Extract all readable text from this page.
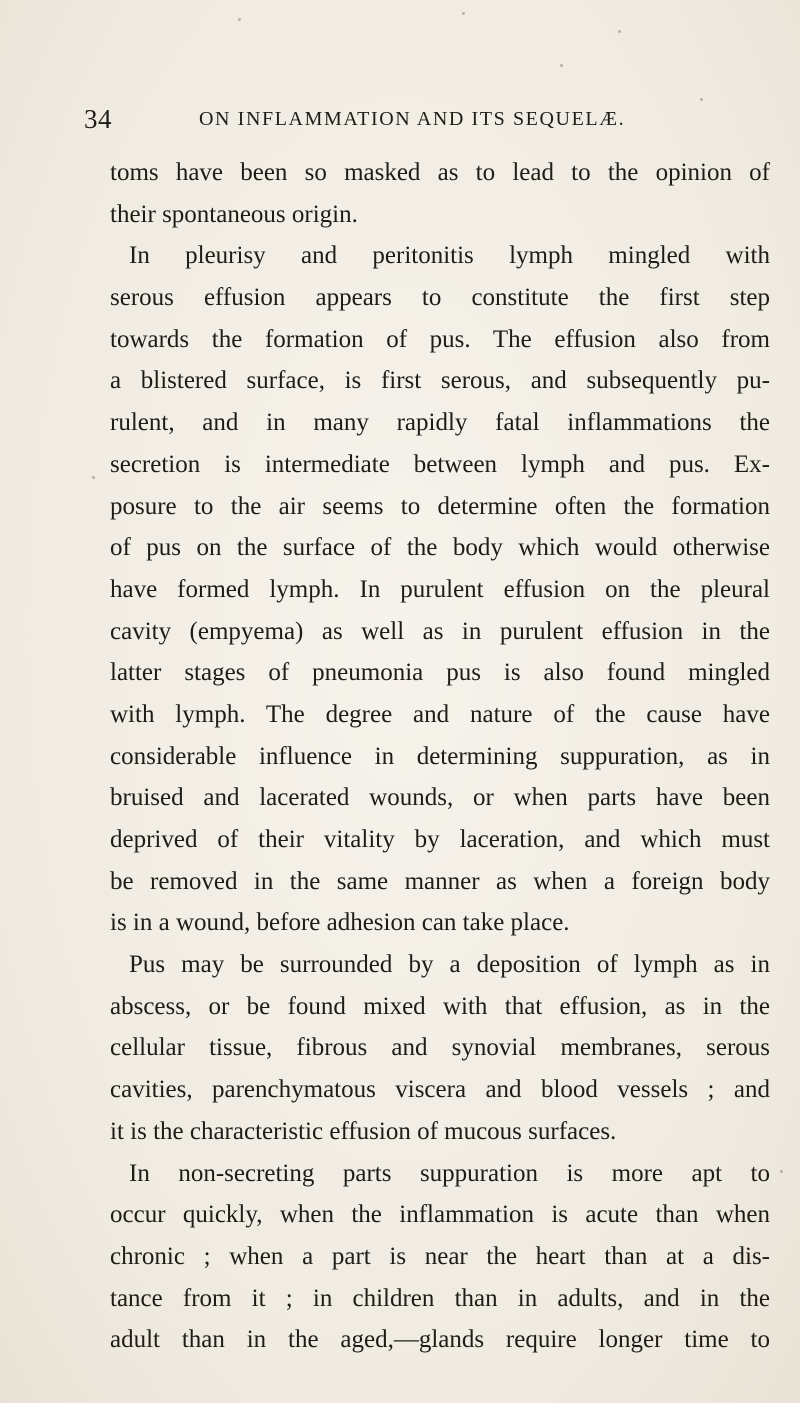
34	ON INFLAMMATION AND ITS SEQUELÆ.
toms have been so masked as to lead to the opinion of
their spontaneous origin.
In pleurisy and peritonitis lymph mingled with
serous effusion appears to constitute the first step
towards the formation of pus. The effusion also from
a blistered surface, is first serous, and subsequently pu-
rulent, and in many rapidly fatal inflammations the
secretion is intermediate between lymph and pus. Ex-
posure to the air seems to determine often the formation
of pus on the surface of the body which would otherwise
have formed lymph. In purulent effusion on the pleural
cavity (empyema) as well as in purulent effusion in the
latter stages of pneumonia pus is also found mingled
with lymph. The degree and nature of the cause have
considerable influence in determining suppuration, as in
bruised and lacerated wounds, or when parts have been
deprived of their vitality by laceration, and which must
be removed in the same manner as when a foreign body
is in a wound, before adhesion can take place.
Pus may be surrounded by a deposition of lymph as in
abscess, or be found mixed with that effusion, as in the
cellular tissue, fibrous and synovial membranes, serous
cavities, parenchymatous viscera and blood vessels ; and
it is the characteristic effusion of mucous surfaces.
In non-secreting parts suppuration is more apt to
occur quickly, when the inflammation is acute than when
chronic ; when a part is near the heart than at a dis-
tance from it ; in children than in adults, and in the
adult than in the aged,—glands require longer time to
